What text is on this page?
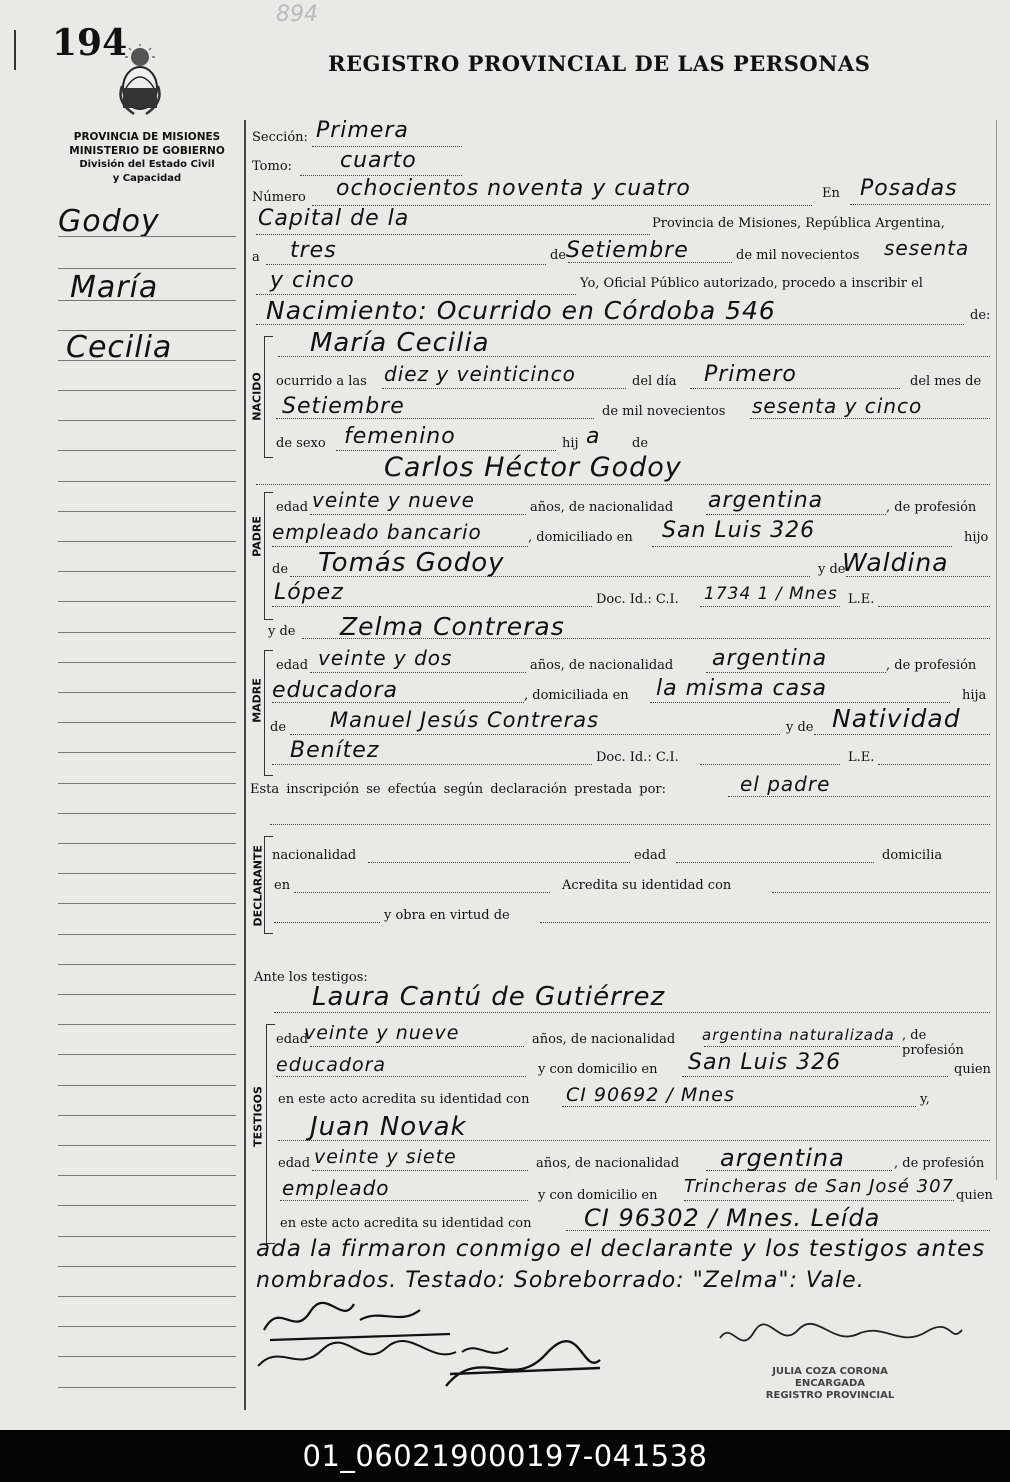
194
894
REGISTRO PROVINCIAL DE LAS PERSONAS
PROVINCIA DE MISIONES
MINISTERIO DE GOBIERNO
División del Estado Civil
y Capacidad
Godoy
María
Cecilia
Sección: Primera
Tomo: cuarto
Número ochocientos noventa y cuatro	En Posadas
Capital de la	Provincia de Misiones, República Argentina,
a tres	de Setiembre	de mil novecientos sesenta
y cinco	Yo, Oficial Público autorizado, procedo a inscribir el
Nacimiento: Ocurrido en Córdoba 546	de:
NACIDO
María Cecilia
ocurrido a las diez y veinticinco	del día Primero	del mes de
Setiembre	de mil novecientos sesenta y cinco
de sexo femenino	hij a de
Carlos Héctor Godoy
PADRE
edad veinte y nueve	años, de nacionalidad argentina	, de profesión
empleado bancario	, domiciliado en San Luis 326	hijo
de Tomás Godoy	y de
Waldina
López	Doc. Id.: C.I. 1734 1 / Mnes L.E.
y de Zelma Contreras
MADRE
edad veinte y dos	años, de nacionalidad argentina	, de profesión
educadora	, domiciliada en la misma casa	hija
de Manuel Jesús Contreras	y de Natividad
Benítez	Doc. Id.: C.I.	L.E.
Esta inscripción se efectúa según declaración prestada por:	el padre
DECLARANTE nacionalidad	edad	domicilia
en	Acredita su identidad con
y obra en virtud de
Ante los testigos:
Laura Cantú de Gutiérrez
TESTIGOS
edad
veinte y nueve	años, de nacionalidad argentina naturalizada , de profesión
educadora	y con domicilio en San Luis 326	quien
en este acto acredita su identidad con CI 90692 / Mnes	y,
Juan Novak
edad veinte y siete	años, de nacionalidad argentina	, de profesión
empleado	y con domicilio en Trincheras de San José 307 quien
en este acto acredita su identidad con CI 96302 / Mnes. Leída
ada la firmaron conmigo el declarante y los testigos antes
nombrados. Testado: Sobreborrado: "Zelma": Vale.
JULIA COZA CORONA
ENCARGADA
REGISTRO PROVINCIAL
01_060219000197-041538
